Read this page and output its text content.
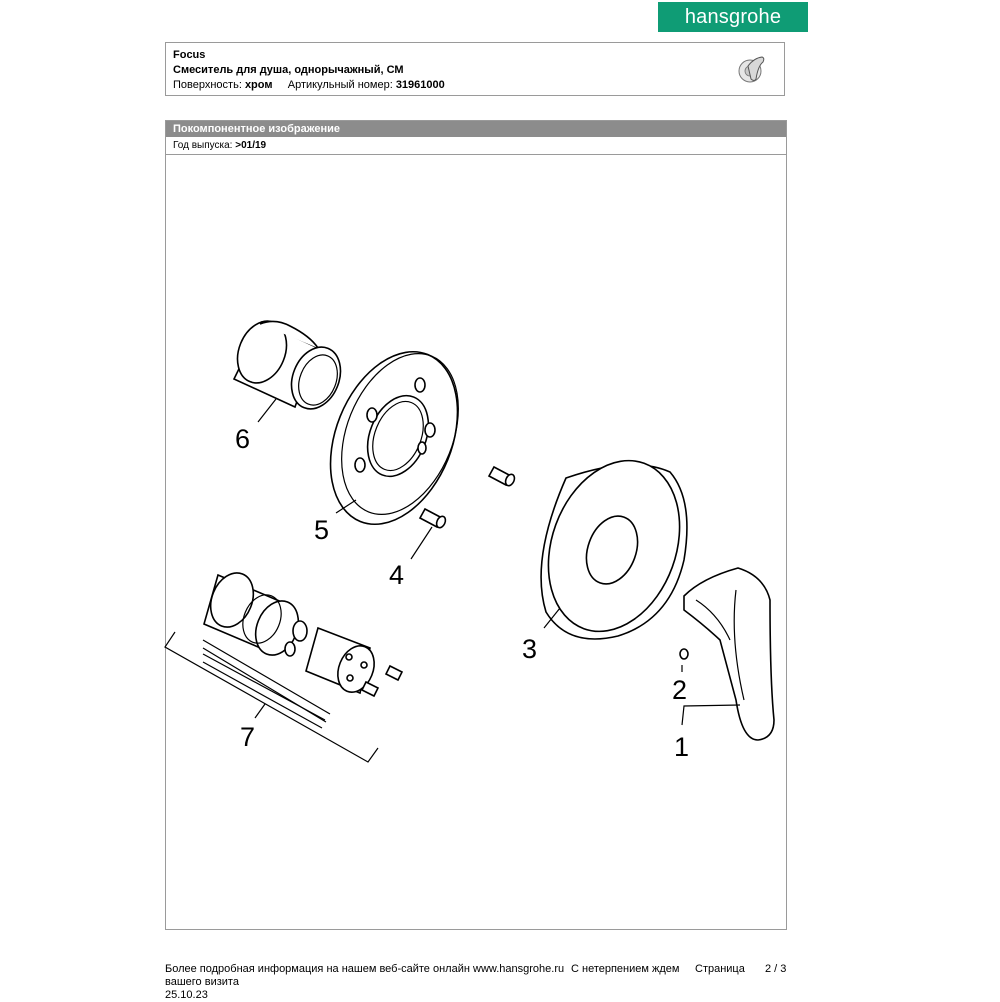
hansgrohe
Focus
Смеситель для душа, однорычажный, СМ
Поверхность: хром Артикульный номер: 31961000
Покомпонентное изображение
Год выпуска: >01/19
6
5
4
3
2
1
7
Более подробная информация на нашем веб-сайте онлайн www.hansgrohe.ru С нетерпением ждем
вашего визита
Страница 2 / 3
25.10.23
